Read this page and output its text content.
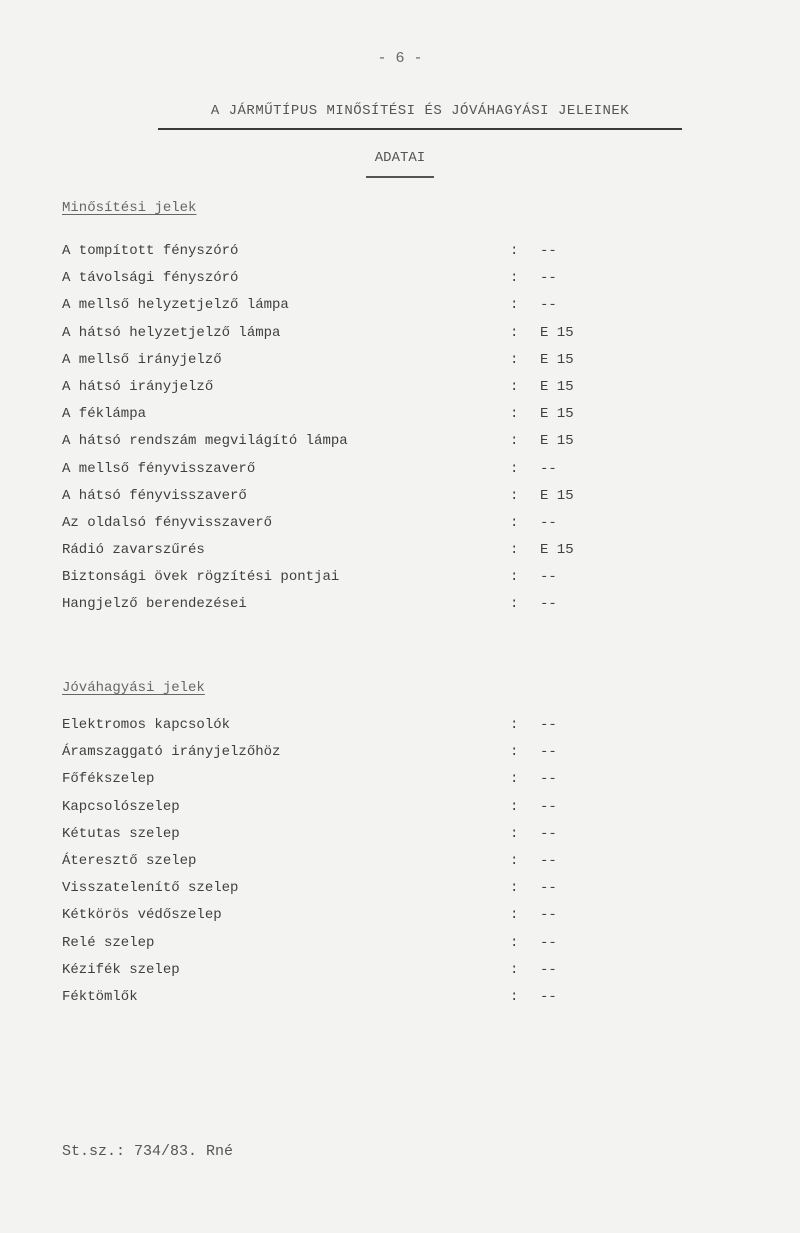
- 6 -
A JÁRMŰTÍPUS MINŐSÍTÉSI ÉS JÓVÁHAGYÁSI JELEINEK
ADATAI
Minősítési jelek
A tompított fényszóró	: --
A távolsági fényszóró	: --
A mellső helyzetjelző lámpa	: --
A hátsó helyzetjelző lámpa	: E 15
A mellső irányjelző	: E 15
A hátsó irányjelző	: E 15
A féklámpa	: E 15
A hátsó rendszám megvilágító lámpa	: E 15
A mellső fényvisszaverő	: --
A hátsó fényvisszaverő	: E 15
Az oldalsó fényvisszaverő	: --
Rádió zavarszűrés	: E 15
Biztonsági övek rögzítési pontjai	: --
Hangjelző berendezései	: --
Jóváhagyási jelek
Elektromos kapcsolók	: --
Áramszaggató irányjelzőhöz	: --
Főfékszelep	: --
Kapcsolószelep	: --
Kétutas szelep	: --
Áteresztő szelep	: --
Visszatelenítő szelep	: --
Kétkörös védőszelep	: --
Relé szelep	: --
Kézifék szelep	: --
Féktömlők	: --
St.sz.: 734/83. Rné
